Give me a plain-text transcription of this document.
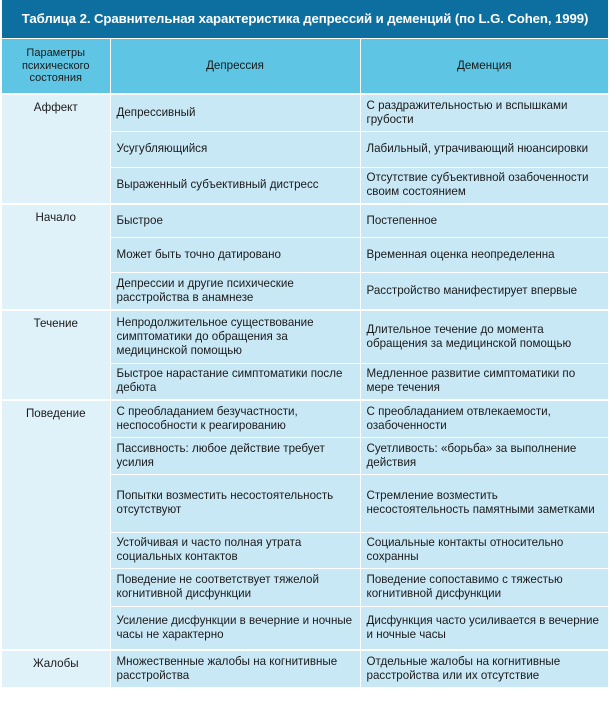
Таблица 2. Сравнительная характеристика депрессий и деменций (по L.G. Cohen, 1999)
Параметры психического состояния	Депрессия	Деменция
Аффект	Депрессивный	С раздражительностью и вспышками грубости
	Усугубляющийся	Лабильный, утрачивающий нюансировки
	Выраженный субъективный дистресс	Отсутствие субъективной озабоченности своим состоянием
Начало	Быстрое	Постепенное
	Может быть точно датировано	Временная оценка неопределенна
	Депрессии и другие психические расстройства в анамнезе	Расстройство манифестирует впервые
Течение	Непродолжительное существование симптоматики до обращения за медицинской помощью	Длительное течение до момента обращения за медицинской помощью
	Быстрое нарастание симптоматики после дебюта	Медленное развитие симптоматики по мере течения
Поведение	С преобладанием безучастности, неспособности к реагированию	С преобладанием отвлекаемости, озабоченности
	Пассивность: любое действие требует усилия	Суетливость: «борьба» за выполнение действия
	Попытки возместить несостоятельность отсутствуют	Стремление возместить несостоятельность памятными заметками
	Устойчивая и часто полная утрата социальных контактов	Социальные контакты относительно сохранны
	Поведение не соответствует тяжелой когнитивной дисфункции	Поведение сопоставимо с тяжестью когнитивной дисфункции
	Усиление дисфункции в вечерние и ночные часы не характерно	Дисфункция часто усиливается в вечерние и ночные часы
Жалобы	Множественные жалобы на когнитивные расстройства	Отдельные жалобы на когнитивные расстройства или их отсутствие
